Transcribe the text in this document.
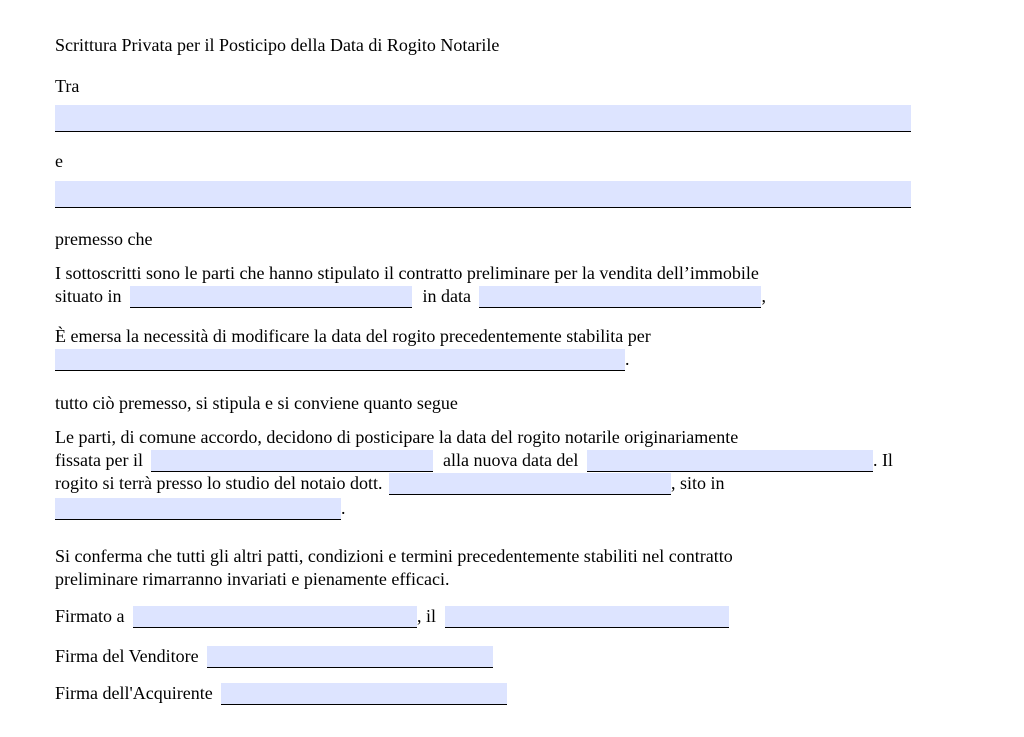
Scrittura Privata per il Posticipo della Data di Rogito Notarile
Tra
e
premesso che
I sottoscritti sono le parti che hanno stipulato il contratto preliminare per la vendita dell’immobile
situato in	in data	,
È emersa la necessità di modificare la data del rogito precedentemente stabilita per
.
tutto ciò premesso, si stipula e si conviene quanto segue
Le parti, di comune accordo, decidono di posticipare la data del rogito notarile originariamente
fissata per il	alla nuova data del	. Il
rogito si terrà presso lo studio del notaio dott.	, sito in
.
Si conferma che tutti gli altri patti, condizioni e termini precedentemente stabiliti nel contratto
preliminare rimarranno invariati e pienamente efficaci.
Firmato a	, il
Firma del Venditore
Firma dell'Acquirente
